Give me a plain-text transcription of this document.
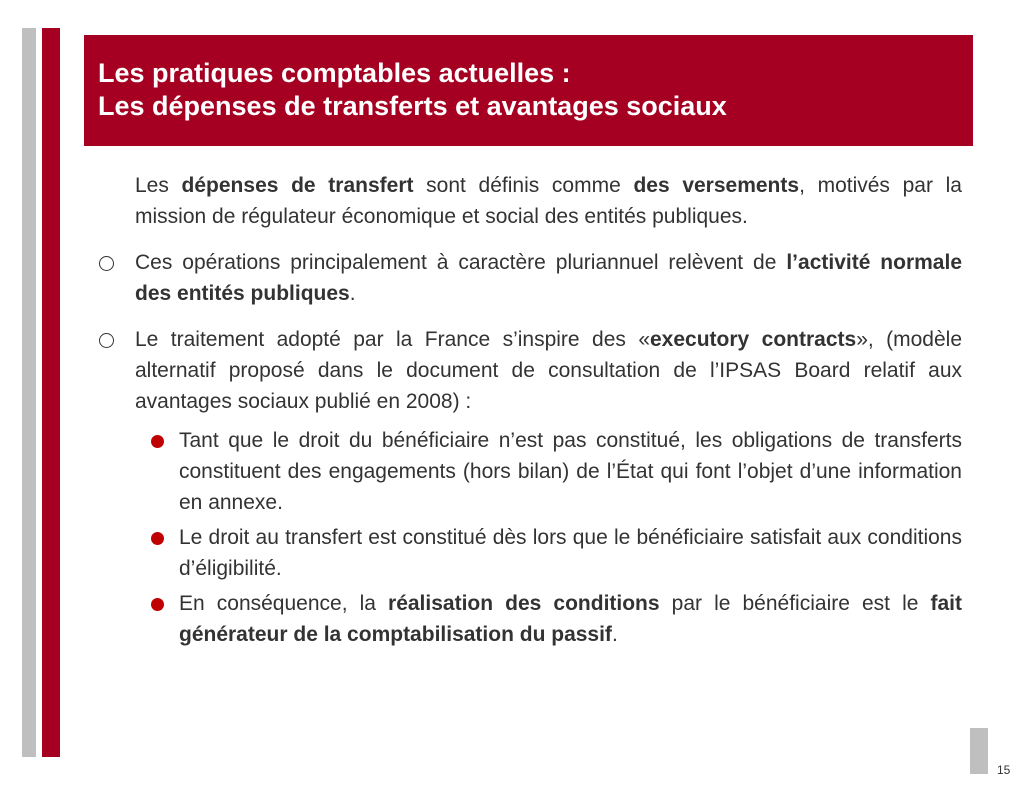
Les pratiques comptables actuelles :
Les dépenses de transferts et avantages sociaux
Les dépenses de transfert sont définis comme des versements, motivés par la mission de régulateur économique et social des entités publiques.
Ces opérations principalement à caractère pluriannuel relèvent de l’activité normale des entités publiques.
Le traitement adopté par la France s’inspire des «executory contracts», (modèle alternatif proposé dans le document de consultation de l’IPSAS Board relatif aux avantages sociaux publié en 2008) :
Tant que le droit du bénéficiaire n’est pas constitué, les obligations de transferts constituent des engagements (hors bilan) de l’État qui font l’objet d’une information en annexe.
Le droit au transfert est constitué dès lors que le bénéficiaire satisfait aux conditions d’éligibilité.
En conséquence, la réalisation des conditions par le bénéficiaire est le fait générateur de la comptabilisation du passif.
15
